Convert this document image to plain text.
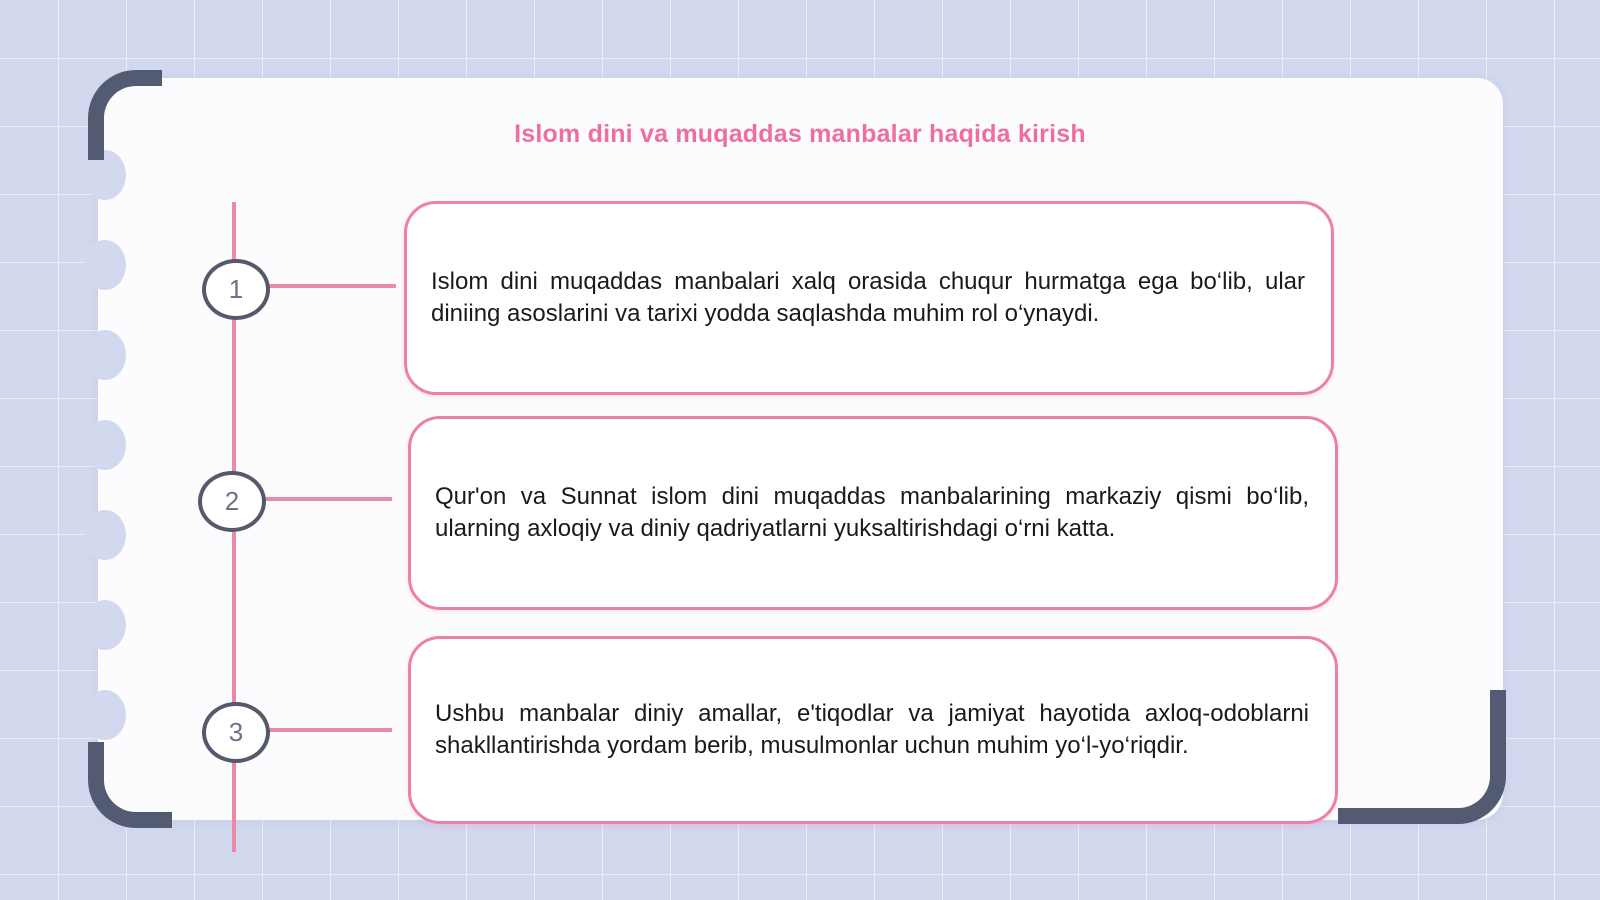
Islom dini va muqaddas manbalar haqida kirish
1
2
3
Islom dini muqaddas manbalari xalq orasida chuqur hurmatga ega bo‘lib, ular diniing asoslarini va tarixi yodda saqlashda muhim rol o‘ynaydi.
Qur'on va Sunnat islom dini muqaddas manbalarining markaziy qismi bo‘lib, ularning axloqiy va diniy qadriyatlarni yuksaltirishdagi o‘rni katta.
Ushbu manbalar diniy amallar, e'tiqodlar va jamiyat hayotida axloq-odoblarni shakllantirishda yordam berib, musulmonlar uchun muhim yo‘l-yo‘riqdir.
